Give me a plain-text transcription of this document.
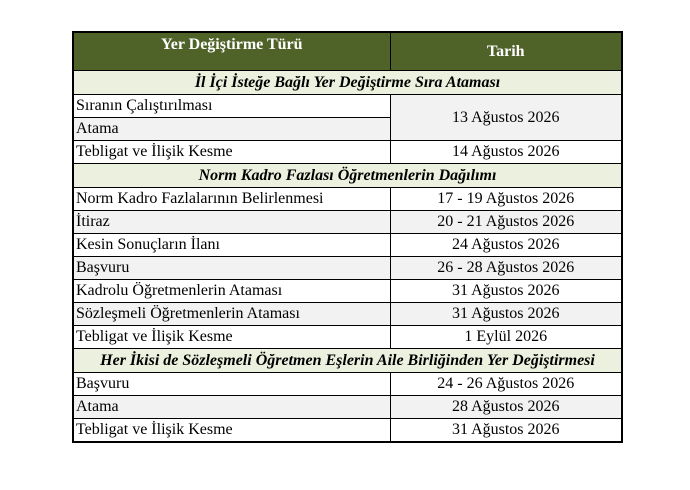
Yer Değiştirme Türü	Tarih
İl İçi İsteğe Bağlı Yer Değiştirme Sıra Ataması	
Sıranın Çalıştırılması	13 Ağustos 2026
Atama	
Tebligat ve İlişik Kesme	14 Ağustos 2026
Norm Kadro Fazlası Öğretmenlerin Dağılımı	
Norm Kadro Fazlalarının Belirlenmesi	17 - 19 Ağustos 2026
İtiraz	20 - 21 Ağustos 2026
Kesin Sonuçların İlanı	24 Ağustos 2026
Başvuru	26 - 28 Ağustos 2026
Kadrolu Öğretmenlerin Ataması	31 Ağustos 2026
Sözleşmeli Öğretmenlerin Ataması	31 Ağustos 2026
Tebligat ve İlişik Kesme	1 Eylül 2026
Her İkisi de Sözleşmeli Öğretmen Eşlerin Aile Birliğinden Yer Değiştirmesi	
Başvuru	24 - 26 Ağustos 2026
Atama	28 Ağustos 2026
Tebligat ve İlişik Kesme	31 Ağustos 2026
